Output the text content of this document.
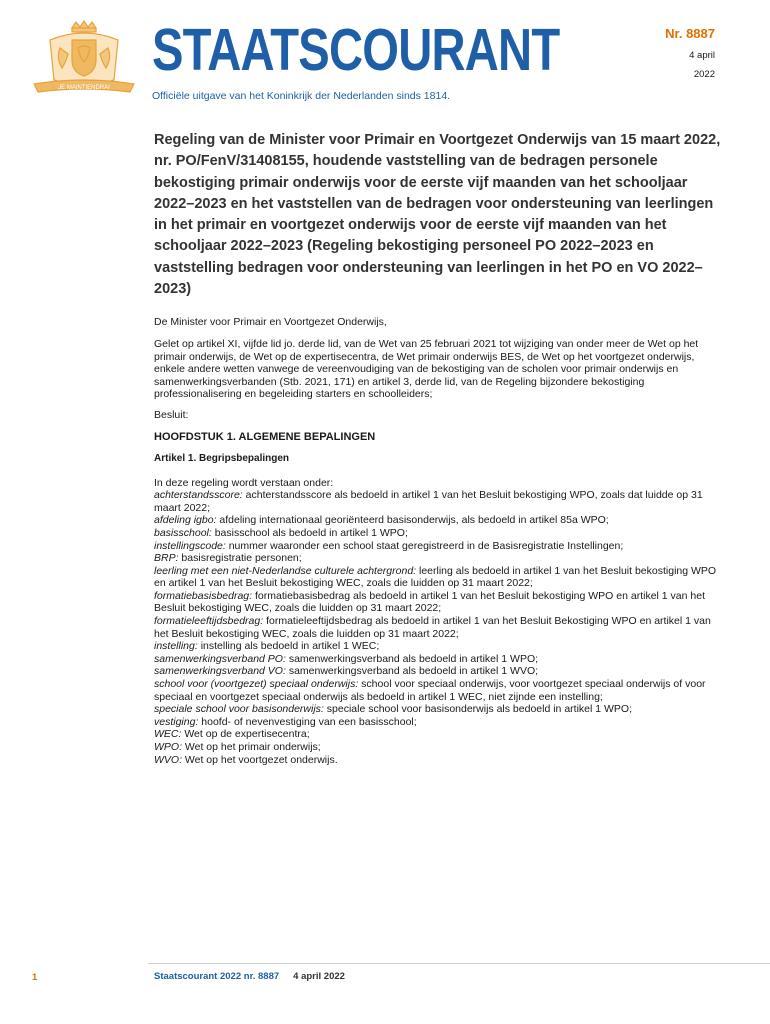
JE MAINTIENDRAI
STAATSCOURANT
Officiële uitgave van het Koninkrijk der Nederlanden sinds 1814.
Nr. 8887
4 april
2022
Regeling van de Minister voor Primair en Voortgezet Onderwijs van 15 maart 2022, nr. PO/FenV/31408155, houdende vaststelling van de bedragen personele bekostiging primair onderwijs voor de eerste vijf maanden van het schooljaar 2022–2023 en het vaststellen van de bedragen voor ondersteuning van leerlingen in het primair en voortgezet onderwijs voor de eerste vijf maanden van het schooljaar 2022–2023 (Regeling bekostiging personeel PO 2022–2023 en vaststelling bedragen voor ondersteuning van leerlingen in het PO en VO 2022–2023)
De Minister voor Primair en Voortgezet Onderwijs,
Gelet op artikel XI, vijfde lid jo. derde lid, van de Wet van 25 februari 2021 tot wijziging van onder meer de Wet op het primair onderwijs, de Wet op de expertisecentra, de Wet primair onderwijs BES, de Wet op het voortgezet onderwijs, enkele andere wetten vanwege de vereenvoudiging van de bekostiging van de scholen voor primair onderwijs en samenwerkingsverbanden (Stb. 2021, 171) en artikel 3, derde lid, van de Regeling bijzondere bekostiging professionalisering en begeleiding starters en schoolleiders;
Besluit:
HOOFDSTUK 1. ALGEMENE BEPALINGEN
Artikel 1. Begripsbepalingen
In deze regeling wordt verstaan onder:
achterstandsscore: achterstandsscore als bedoeld in artikel 1 van het Besluit bekostiging WPO, zoals dat luidde op 31 maart 2022;
afdeling igbo: afdeling internationaal georiënteerd basisonderwijs, als bedoeld in artikel 85a WPO;
basisschool: basisschool als bedoeld in artikel 1 WPO;
instellingscode: nummer waaronder een school staat geregistreerd in de Basisregistratie Instellingen;
BRP: basisregistratie personen;
leerling met een niet-Nederlandse culturele achtergrond: leerling als bedoeld in artikel 1 van het Besluit bekostiging WPO en artikel 1 van het Besluit bekostiging WEC, zoals die luidden op 31 maart 2022;
formatiebasisbedrag: formatiebasisbedrag als bedoeld in artikel 1 van het Besluit bekostiging WPO en artikel 1 van het Besluit bekostiging WEC, zoals die luidden op 31 maart 2022;
formatieleeftijdsbedrag: formatieleeftijdsbedrag als bedoeld in artikel 1 van het Besluit Bekostiging WPO en artikel 1 van het Besluit bekostiging WEC, zoals die luidden op 31 maart 2022;
instelling: instelling als bedoeld in artikel 1 WEC;
samenwerkingsverband PO: samenwerkingsverband als bedoeld in artikel 1 WPO;
samenwerkingsverband VO: samenwerkingsverband als bedoeld in artikel 1 WVO;
school voor (voortgezet) speciaal onderwijs: school voor speciaal onderwijs, voor voortgezet speciaal onderwijs of voor speciaal en voortgezet speciaal onderwijs als bedoeld in artikel 1 WEC, niet zijnde een instelling;
speciale school voor basisonderwijs: speciale school voor basisonderwijs als bedoeld in artikel 1 WPO;
vestiging: hoofd- of nevenvestiging van een basisschool;
WEC: Wet op de expertisecentra;
WPO: Wet op het primair onderwijs;
WVO: Wet op het voortgezet onderwijs.
1	Staatscourant 2022 nr. 8887 4 april 2022
